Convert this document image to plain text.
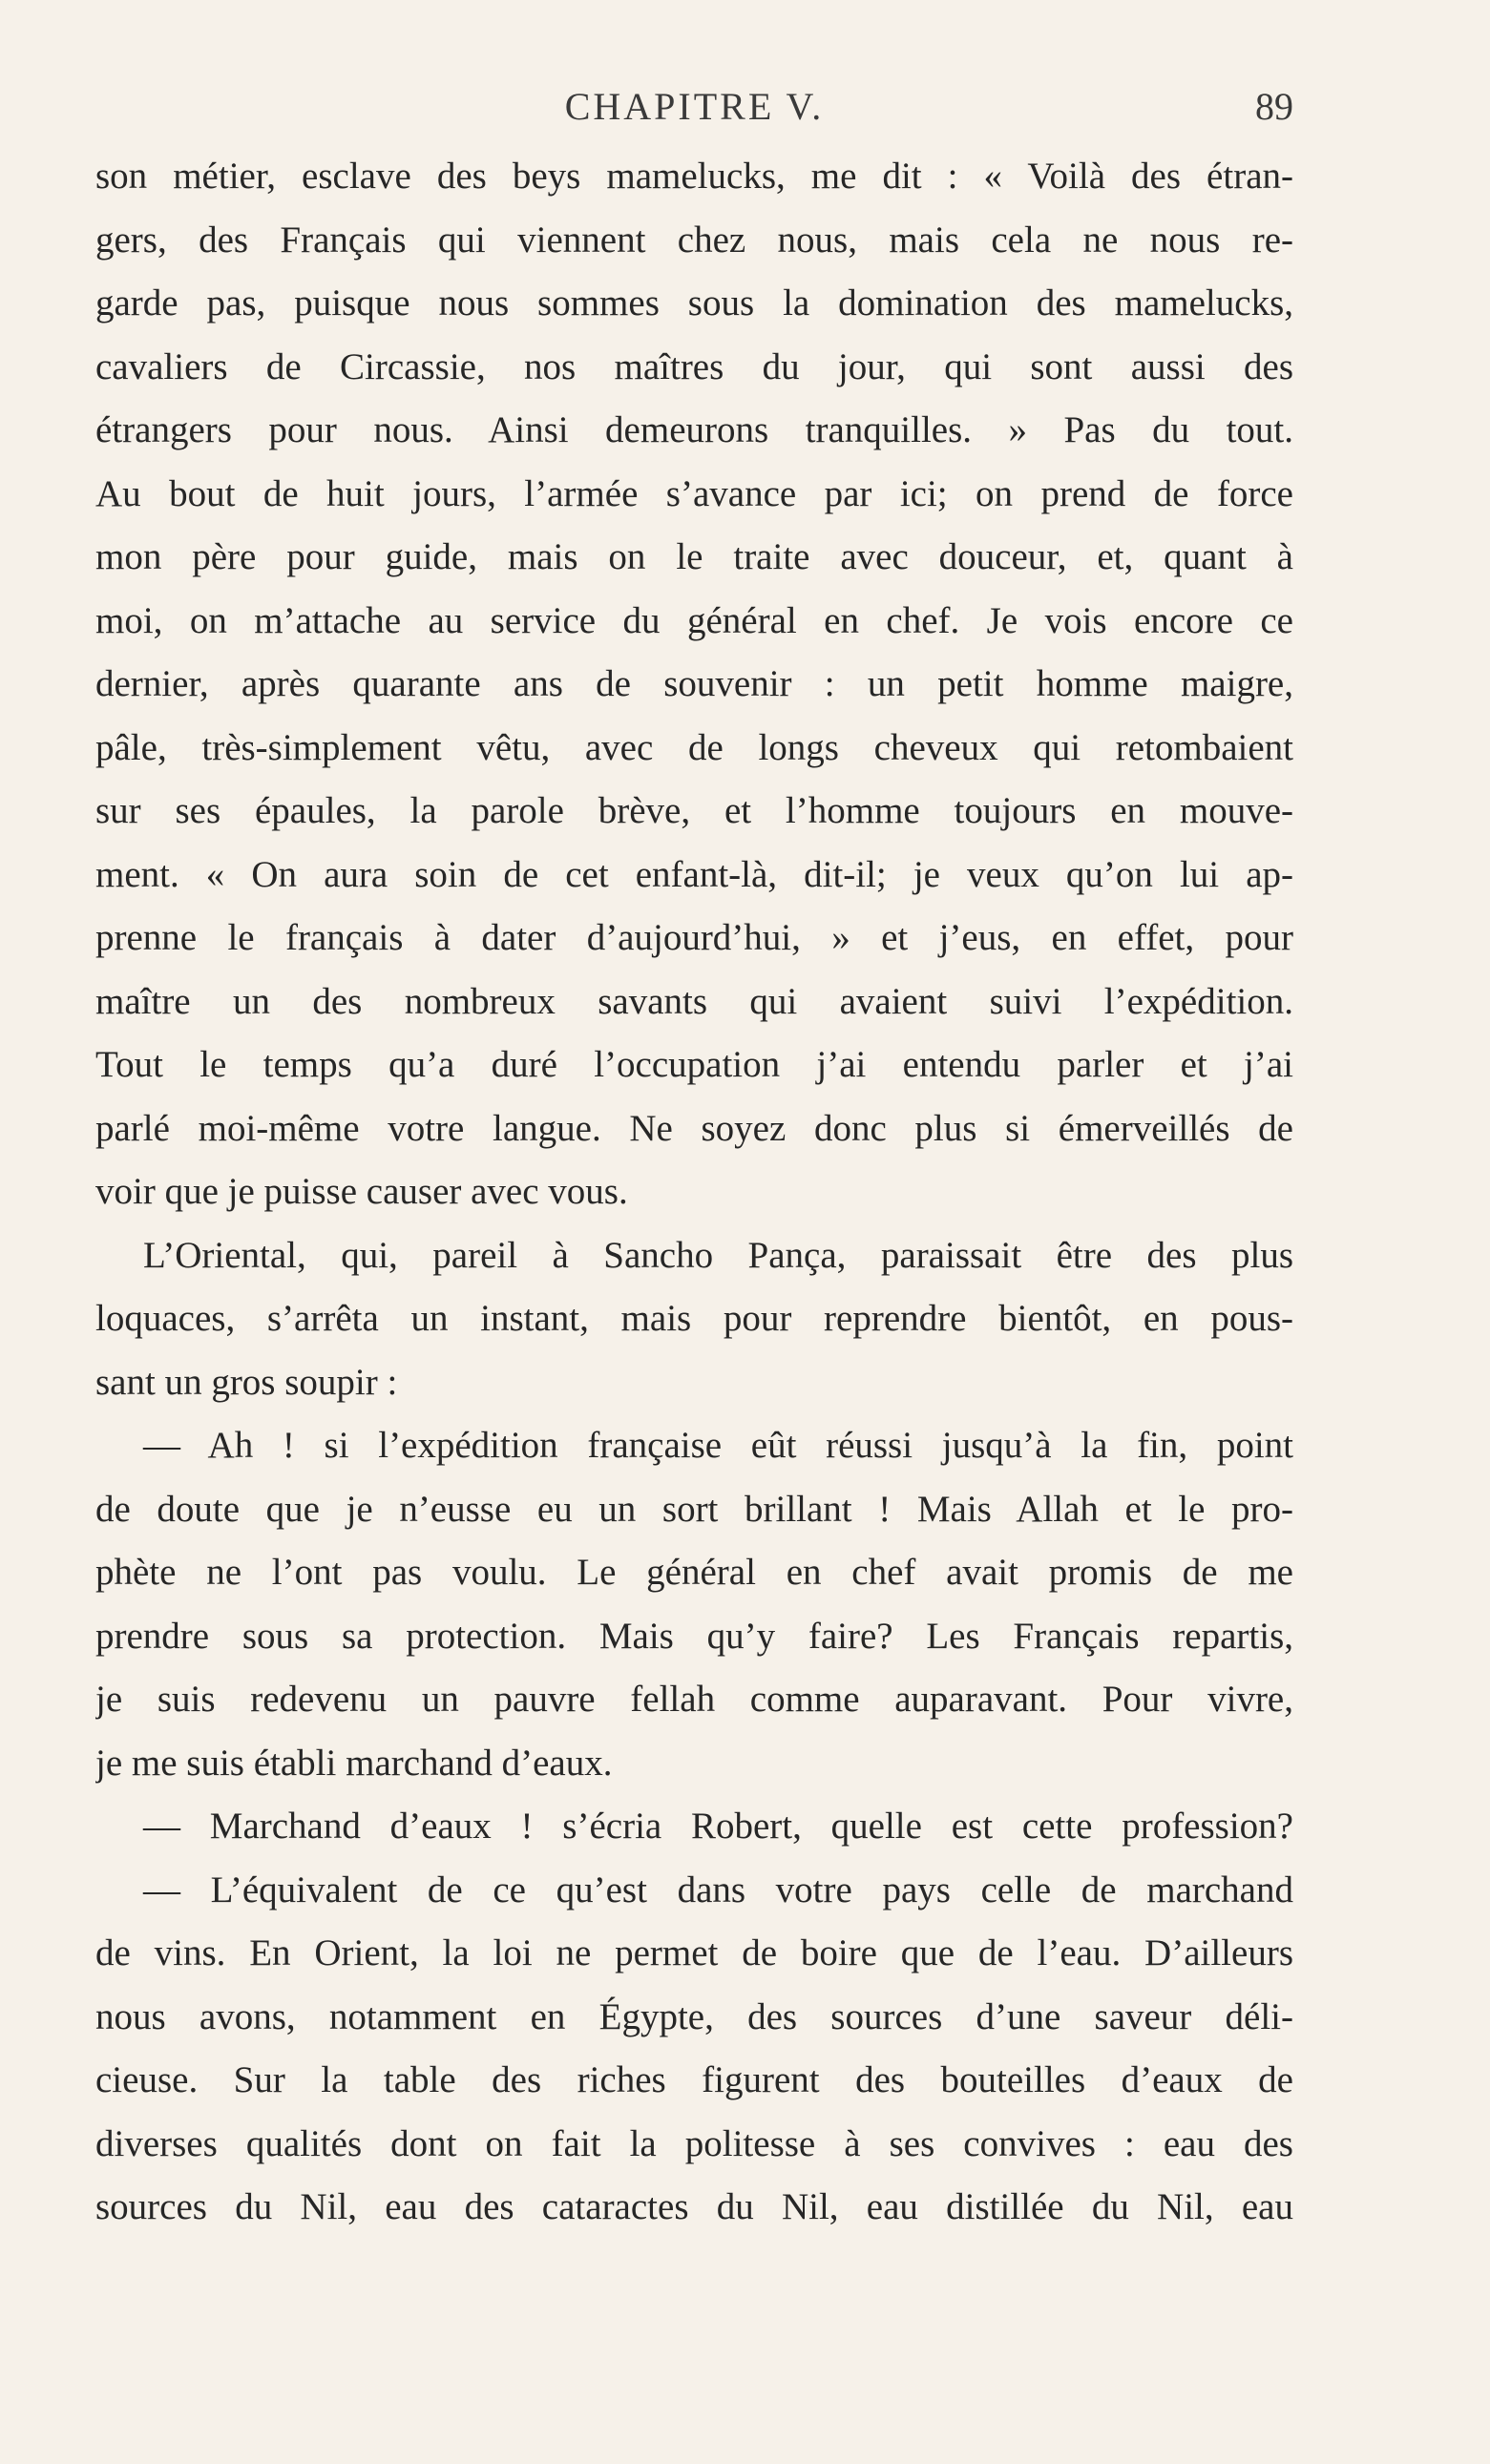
CHAPITRE V.	89
son métier, esclave des beys mamelucks, me dit : « Voilà des étran-
gers, des Français qui viennent chez nous, mais cela ne nous re-
garde pas, puisque nous sommes sous la domination des mamelucks,
cavaliers de Circassie, nos maîtres du jour, qui sont aussi des
étrangers pour nous. Ainsi demeurons tranquilles. » Pas du tout.
Au bout de huit jours, l’armée s’avance par ici; on prend de force
mon père pour guide, mais on le traite avec douceur, et, quant à
moi, on m’attache au service du général en chef. Je vois encore ce
dernier, après quarante ans de souvenir : un petit homme maigre,
pâle, très-simplement vêtu, avec de longs cheveux qui retombaient
sur ses épaules, la parole brève, et l’homme toujours en mouve-
ment. « On aura soin de cet enfant-là, dit-il; je veux qu’on lui ap-
prenne le français à dater d’aujourd’hui, » et j’eus, en effet, pour
maître un des nombreux savants qui avaient suivi l’expédition.
Tout le temps qu’a duré l’occupation j’ai entendu parler et j’ai
parlé moi-même votre langue. Ne soyez donc plus si émerveillés de
voir que je puisse causer avec vous.
L’Oriental, qui, pareil à Sancho Pança, paraissait être des plus
loquaces, s’arrêta un instant, mais pour reprendre bientôt, en pous-
sant un gros soupir :
— Ah ! si l’expédition française eût réussi jusqu’à la fin, point
de doute que je n’eusse eu un sort brillant ! Mais Allah et le pro-
phète ne l’ont pas voulu. Le général en chef avait promis de me
prendre sous sa protection. Mais qu’y faire? Les Français repartis,
je suis redevenu un pauvre fellah comme auparavant. Pour vivre,
je me suis établi marchand d’eaux.
— Marchand d’eaux ! s’écria Robert, quelle est cette profession?
— L’équivalent de ce qu’est dans votre pays celle de marchand
de vins. En Orient, la loi ne permet de boire que de l’eau. D’ailleurs
nous avons, notamment en Égypte, des sources d’une saveur déli-
cieuse. Sur la table des riches figurent des bouteilles d’eaux de
diverses qualités dont on fait la politesse à ses convives : eau des
sources du Nil, eau des cataractes du Nil, eau distillée du Nil, eau
